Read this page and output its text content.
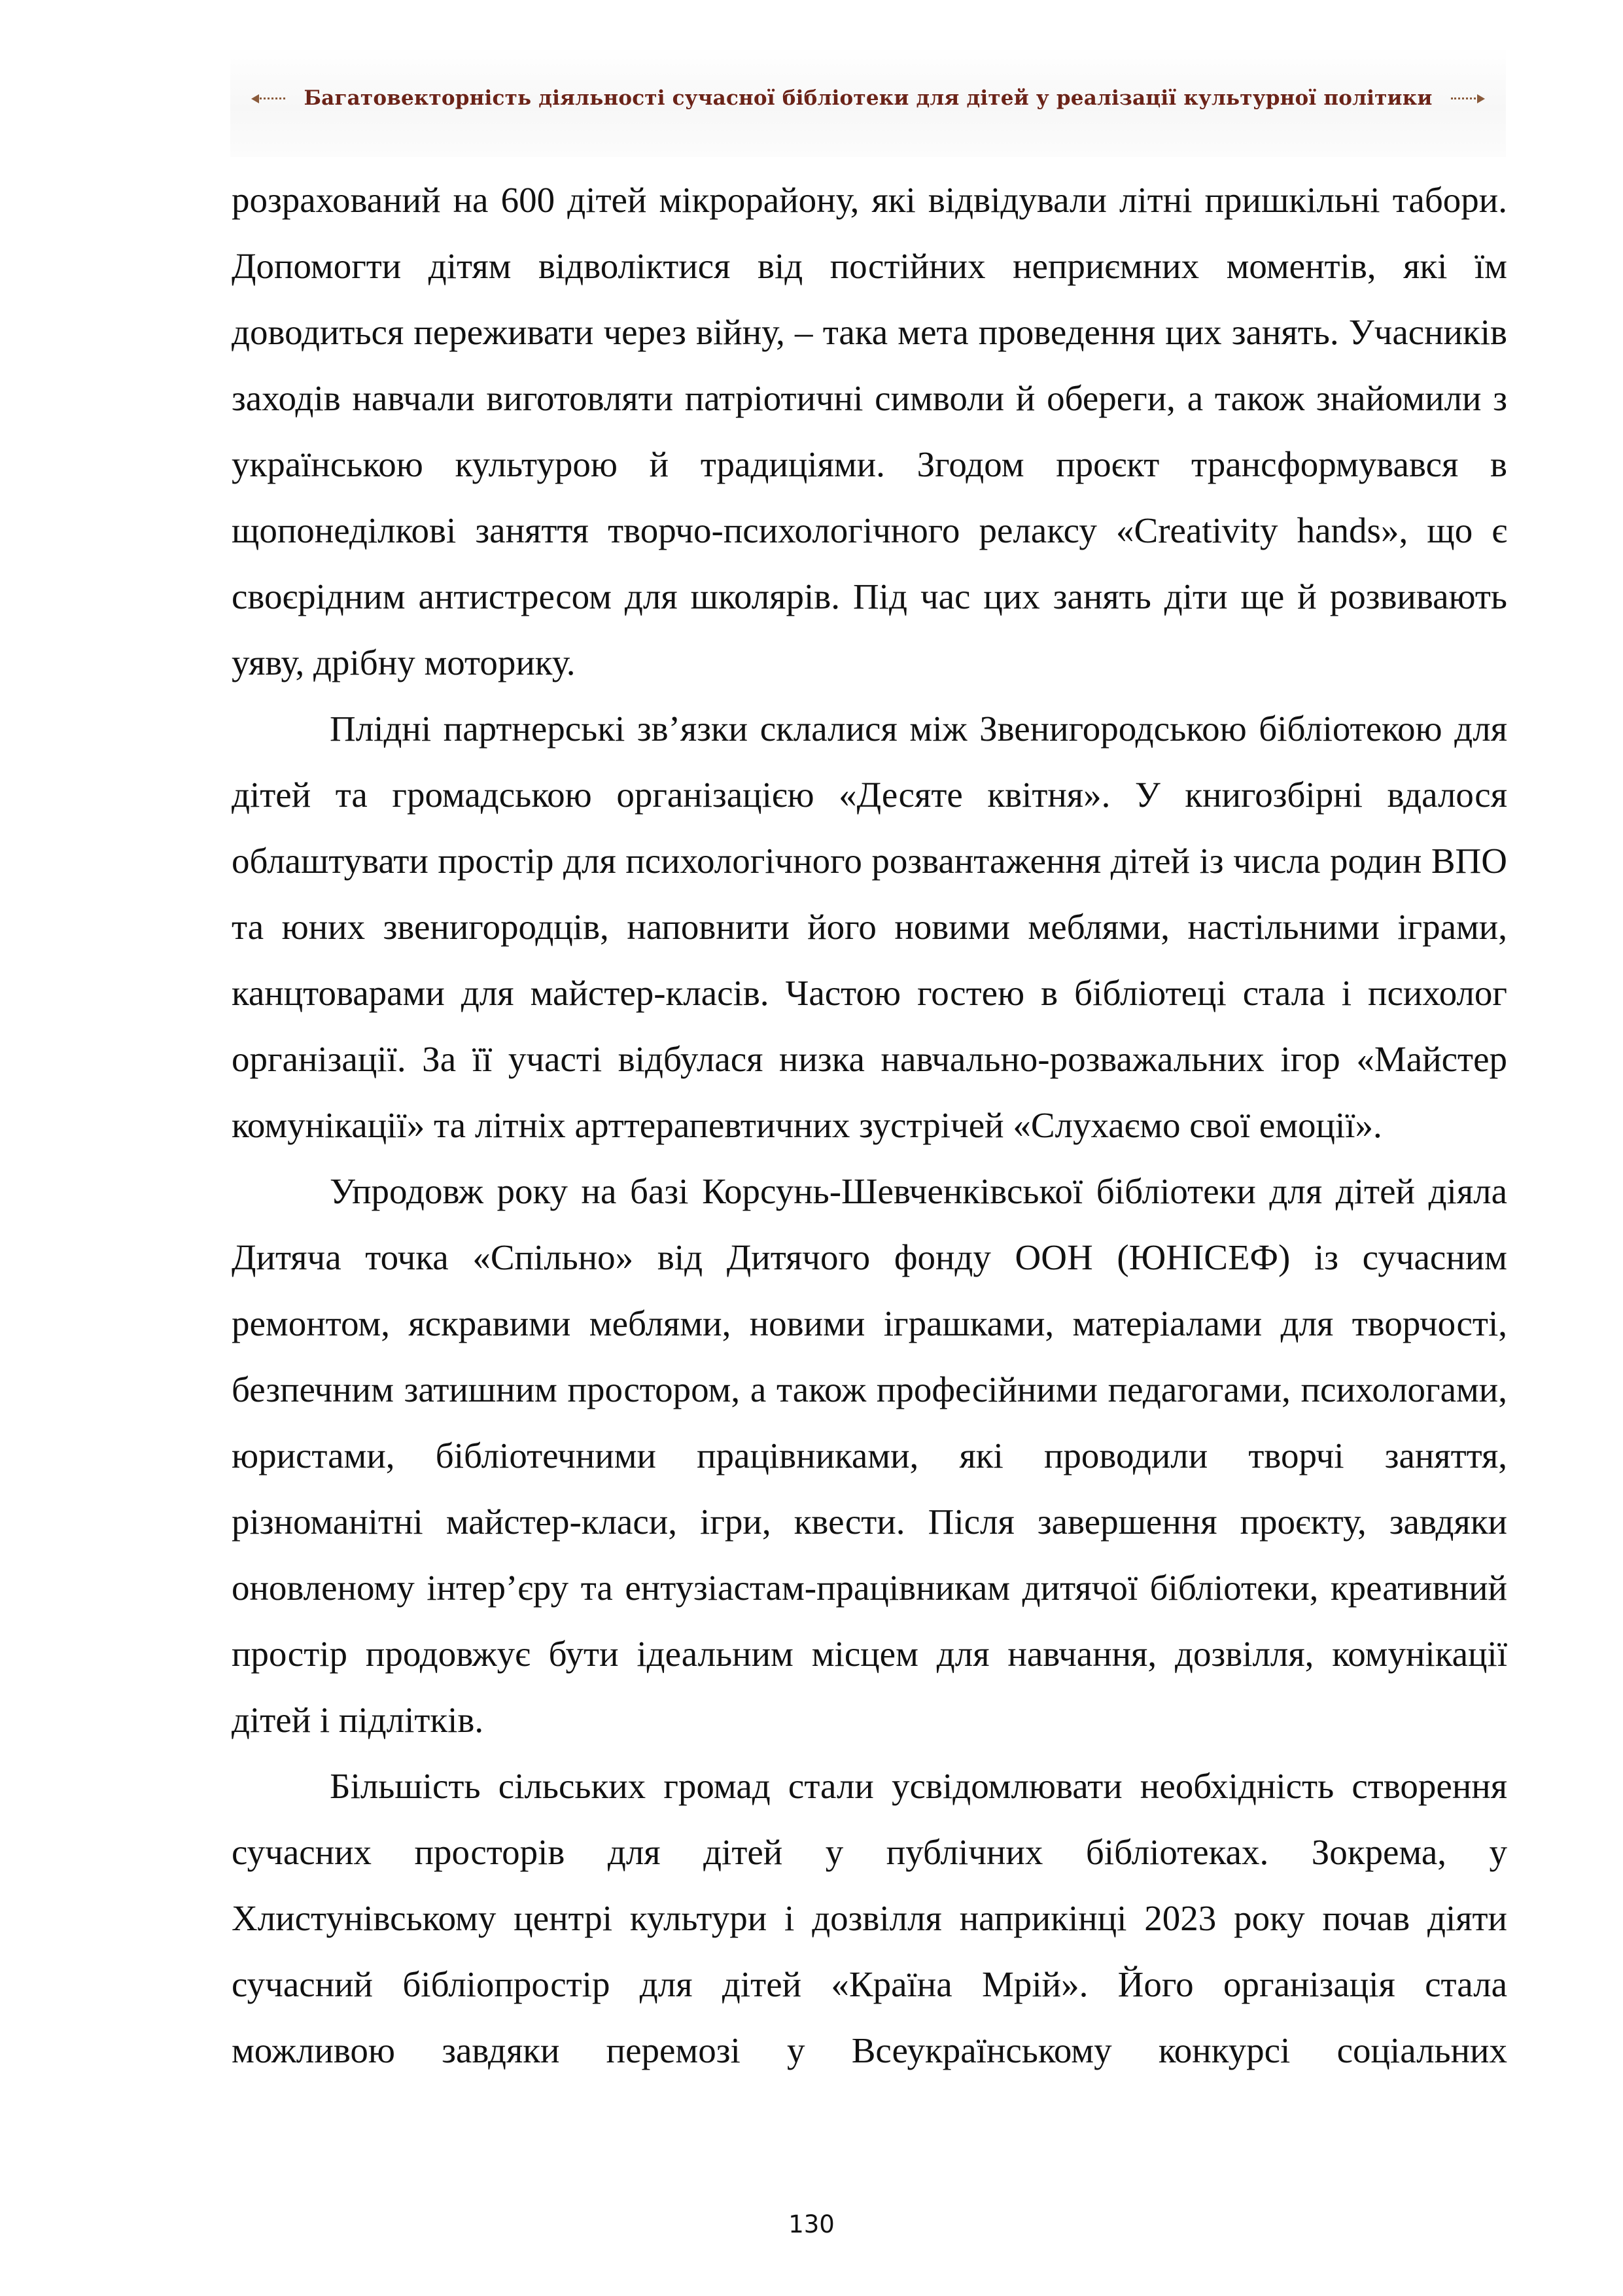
Багатовекторність діяльності сучасної бібліотеки для дітей у реалізації культурної політики

розрахований на 600 дітей мікрорайону, які відвідували літні пришкільні табори. Допомогти дітям відволіктися від постійних неприємних моментів, які їм доводиться переживати через війну, – така мета проведення цих занять. Учасників заходів навчали виготовляти патріотичні символи й обереги, а також знайомили з українською культурою й традиціями. Згодом проєкт трансформувався в щопонеділкові заняття творчо-психологічного релаксу «Creativity hands», що є своєрідним антистресом для школярів. Під час цих занять діти ще й розвивають уяву, дрібну моторику.

Плідні партнерські зв’язки склалися між Звенигородською бібліотекою для дітей та громадською організацією «Десяте квітня». У книгозбірні вдалося облаштувати простір для психологічного розвантаження дітей із числа родин ВПО та юних звенигородців, наповнити його новими меблями, настільними іграми, канцтоварами для майстер-класів. Частою гостею в бібліотеці стала і психолог організації. За її участі відбулася низка навчально-розважальних ігор «Майстер комунікації» та літніх арттерапевтичних зустрічей «Слухаємо свої емоції».

Упродовж року на базі Корсунь-Шевченківської бібліотеки для дітей діяла Дитяча точка «Спільно» від Дитячого фонду ООН (ЮНІСЕФ) із сучасним ремонтом, яскравими меблями, новими іграшками, матеріалами для творчості, безпечним затишним простором, а також професійними педагогами, психологами, юристами, бібліотечними працівниками, які проводили творчі заняття, різноманітні майстер-класи, ігри, квести. Після завершення проєкту, завдяки оновленому інтер’єру та ентузіастам-працівникам дитячої бібліотеки, креативний простір продовжує бути ідеальним місцем для навчання, дозвілля, комунікації дітей і підлітків.

Більшість сільських громад стали усвідомлювати необхідність створення сучасних просторів для дітей у публічних бібліотеках. Зокрема, у Хлистунівському центрі культури і дозвілля наприкінці 2023 року почав діяти сучасний бібліопростір для дітей «Країна Мрій». Його організація стала можливою завдяки перемозі у Всеукраїнському конкурсі соціальних

130
